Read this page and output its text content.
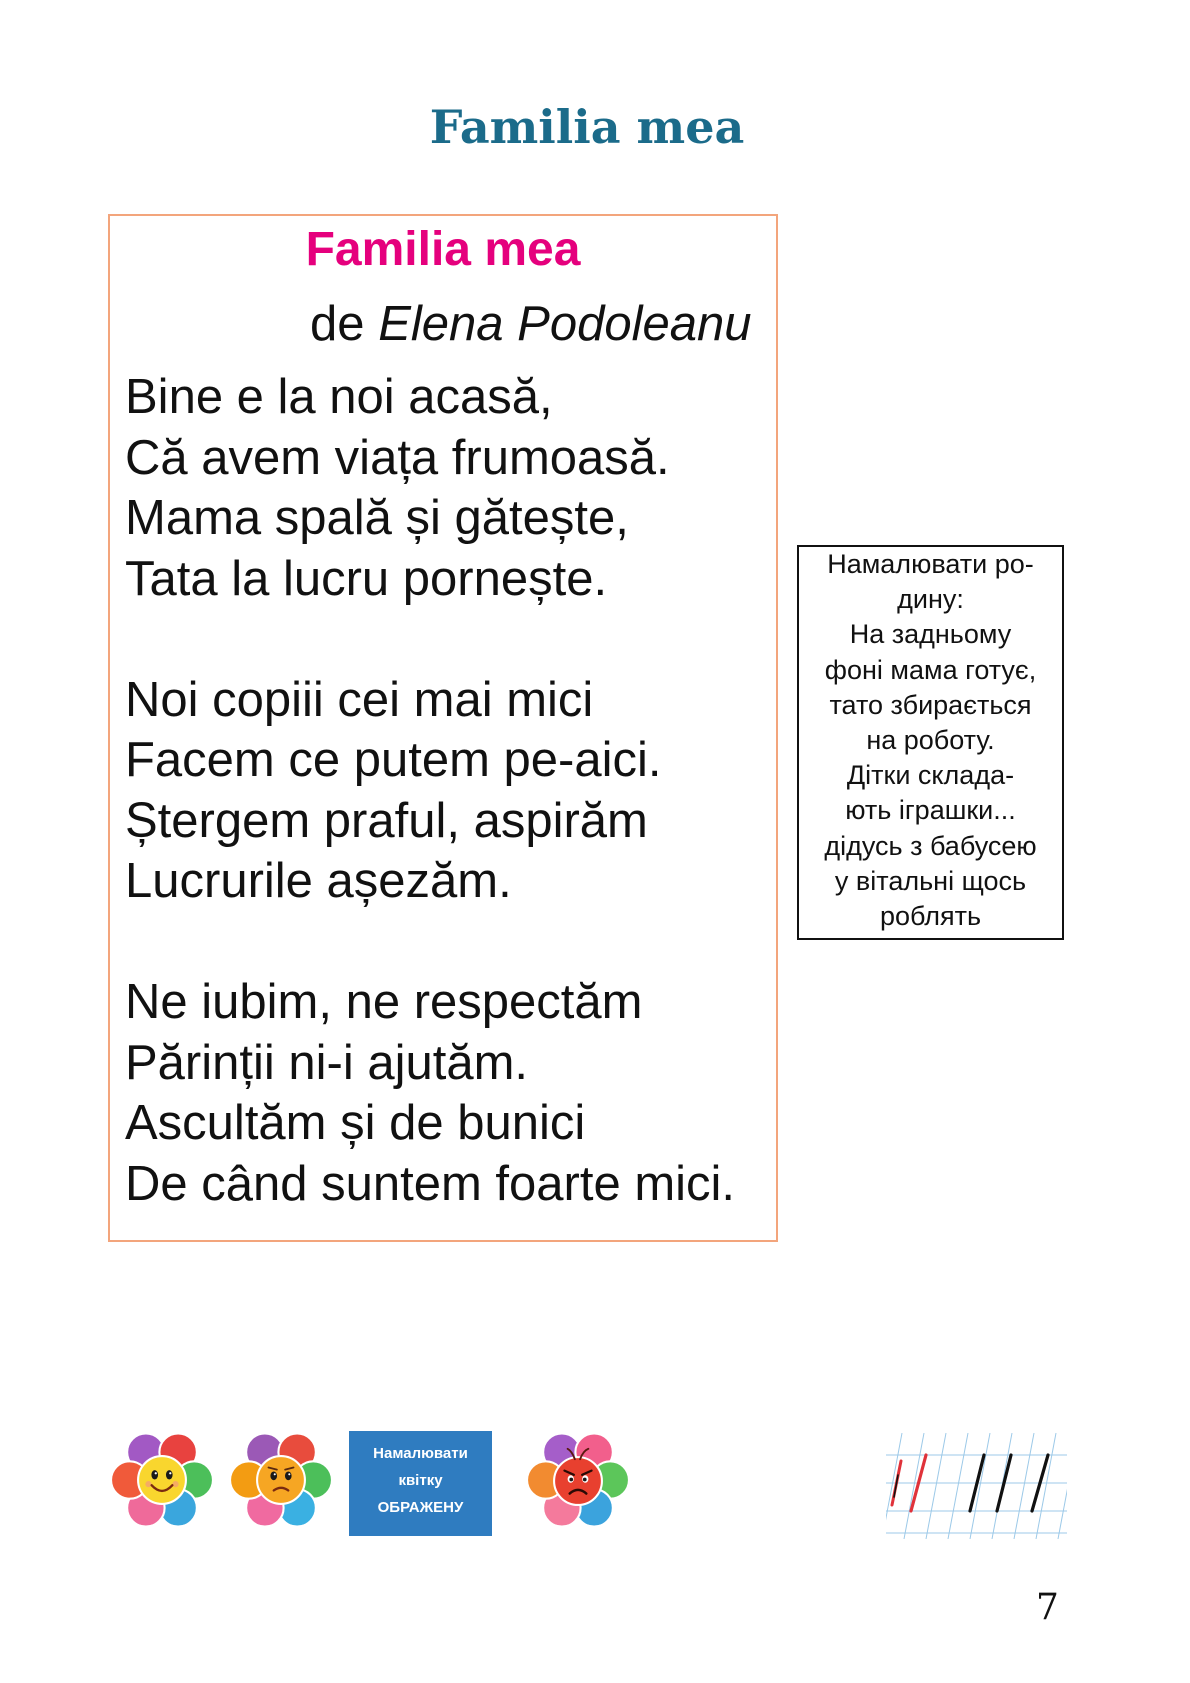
Familia mea
Familia mea
de Elena Podoleanu
Bine e la noi acasă,
Că avem viața frumoasă.
Mama spală și gătește,
Tata la lucru pornește.
Noi copiii cei mai mici
Facem ce putem pe-aici.
Ștergem praful, aspirăm
Lucrurile așezăm.
Ne iubim, ne respectăm
Părinții ni-i ajutăm.
Ascultăm și de bunici
De când suntem foarte mici.
Намалювати ро-
дину:
На задньому
фоні мама готує,
тато збирається
на роботу.
Дітки склада-
ють іграшки...
дідусь з бабусею
у вітальні щось
роблять
Намалювати
квітку
ОБРАЖЕНУ
7
